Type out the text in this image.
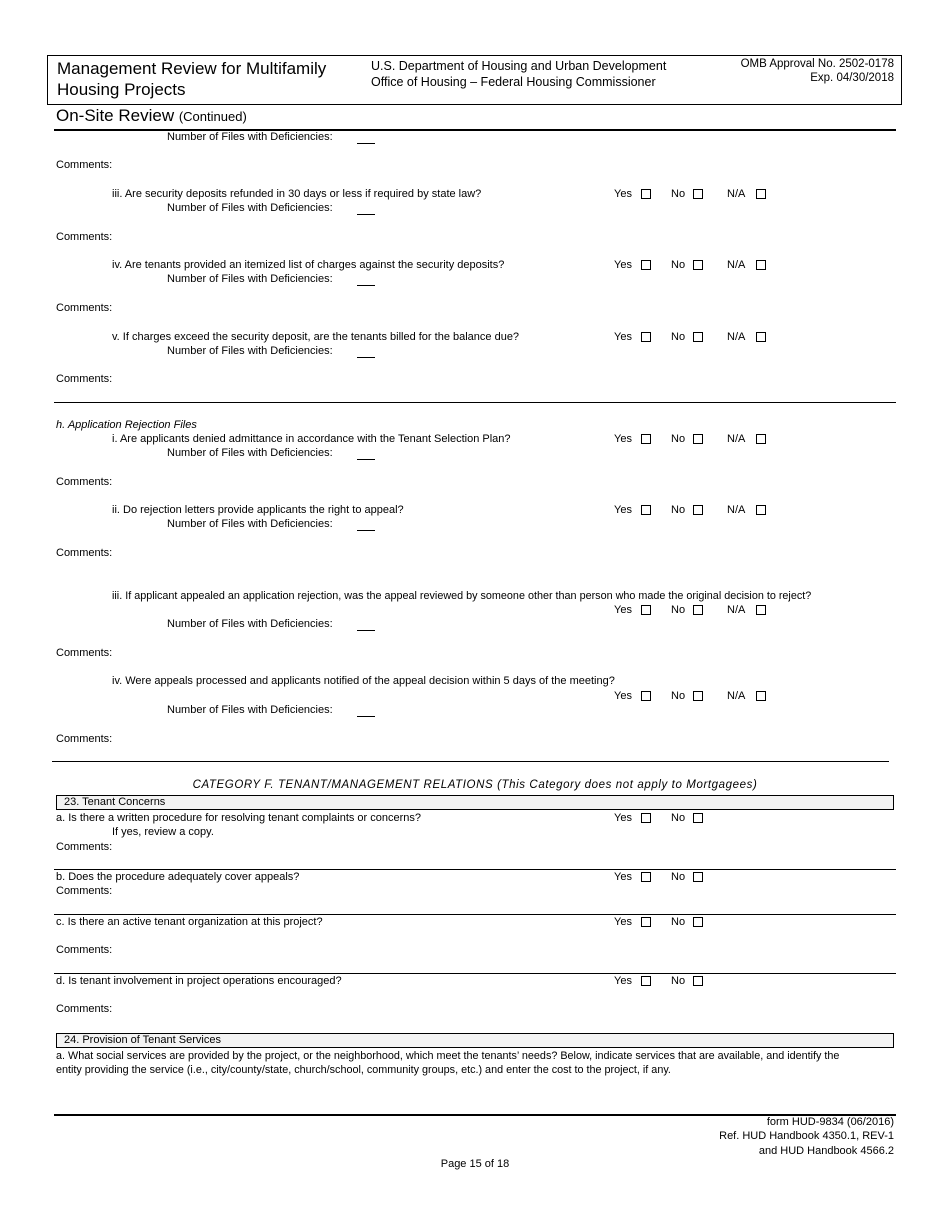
Management Review for Multifamily
Housing Projects
U.S. Department of Housing and Urban Development
Office of Housing – Federal Housing Commissioner
OMB Approval No. 2502-0178
Exp. 04/30/2018
On-Site Review (Continued)
Number of Files with Deficiencies:
Comments:
iii. Are security deposits refunded in 30 days or less if required by state law?	Yes	No	N/A
Number of Files with Deficiencies:
Comments:
iv. Are tenants provided an itemized list of charges against the security deposits?	Yes	No	N/A
Number of Files with Deficiencies:
Comments:
v. If charges exceed the security deposit, are the tenants billed for the balance due?	Yes	No	N/A
Number of Files with Deficiencies:
Comments:
h. Application Rejection Files
i. Are applicants denied admittance in accordance with the Tenant Selection Plan?	Yes	No	N/A
Number of Files with Deficiencies:
Comments:
ii. Do rejection letters provide applicants the right to appeal?	Yes	No	N/A
Number of Files with Deficiencies:
Comments:
iii. If applicant appealed an application rejection, was the appeal reviewed by someone other than person who made the original decision to reject?
Yes	No	N/A
Number of Files with Deficiencies:
Comments:
iv. Were appeals processed and applicants notified of the appeal decision within 5 days of the meeting?
Yes	No	N/A
Number of Files with Deficiencies:
Comments:
CATEGORY F. TENANT/MANAGEMENT RELATIONS (This Category does not apply to Mortgagees)
23. Tenant Concerns
a. Is there a written procedure for resolving tenant complaints or concerns?
If yes, review a copy.
Yes	No
Comments:
b. Does the procedure adequately cover appeals?	Yes	No
Comments:
c. Is there an active tenant organization at this project?	Yes	No
Comments:
d. Is tenant involvement in project operations encouraged?	Yes	No
Comments:
24. Provision of Tenant Services
a. What social services are provided by the project, or the neighborhood, which meet the tenants’ needs? Below, indicate services that are available, and identify the
entity providing the service (i.e., city/county/state, church/school, community groups, etc.) and enter the cost to the project, if any.
form HUD-9834 (06/2016)
Ref. HUD Handbook 4350.1, REV-1
and HUD Handbook 4566.2
Page 15 of 18
